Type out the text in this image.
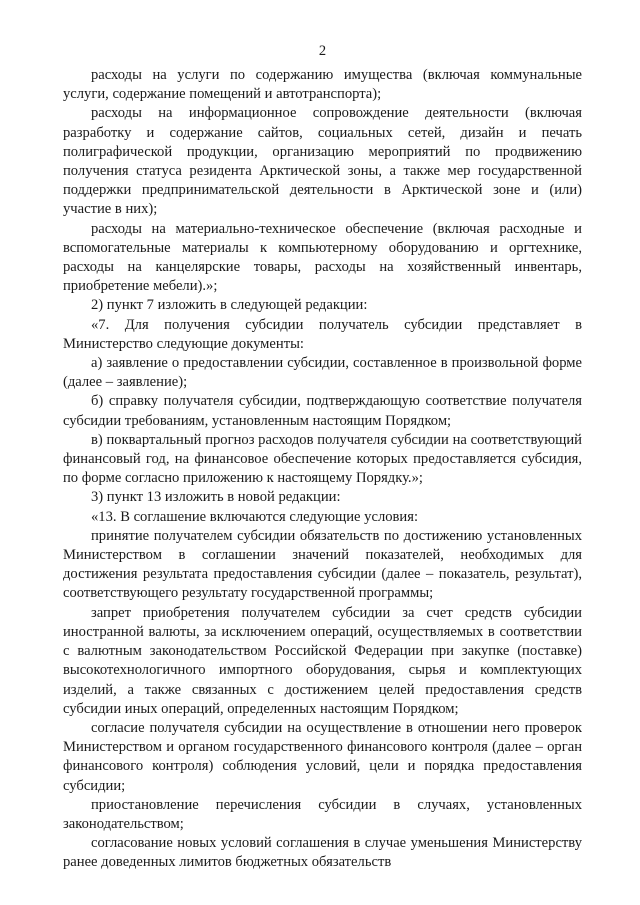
2

расходы на услуги по содержанию имущества (включая коммунальные услуги, содержание помещений и автотранспорта);

расходы на информационное сопровождение деятельности (включая разработку и содержание сайтов, социальных сетей, дизайн и печать полиграфической продукции, организацию мероприятий по продвижению получения статуса резидента Арктической зоны, а также мер государственной поддержки предпринимательской деятельности в Арктической зоне и (или) участие в них);

расходы на материально-техническое обеспечение (включая расходные и вспомогательные материалы к компьютерному оборудованию и оргтехнике, расходы на канцелярские товары, расходы на хозяйственный инвентарь, приобретение мебели).»;

2) пункт 7 изложить в следующей редакции:

«7. Для получения субсидии получатель субсидии представляет в Министерство следующие документы:

а) заявление о предоставлении субсидии, составленное в произвольной форме (далее – заявление);

б) справку получателя субсидии, подтверждающую соответствие получателя субсидии требованиям, установленным настоящим Порядком;

в) поквартальный прогноз расходов получателя субсидии на соответствующий финансовый год, на финансовое обеспечение которых предоставляется субсидия, по форме согласно приложению к настоящему Порядку.»;

3) пункт 13 изложить в новой редакции:

«13. В соглашение включаются следующие условия:

принятие получателем субсидии обязательств по достижению установленных Министерством в соглашении значений показателей, необходимых для достижения результата предоставления субсидии (далее – показатель, результат), соответствующего результату государственной программы;

запрет приобретения получателем субсидии за счет средств субсидии иностранной валюты, за исключением операций, осуществляемых в соответствии с валютным законодательством Российской Федерации при закупке (поставке) высокотехнологичного импортного оборудования, сырья и комплектующих изделий, а также связанных с достижением целей предоставления средств субсидии иных операций, определенных настоящим Порядком;

согласие получателя субсидии на осуществление в отношении него проверок Министерством и органом государственного финансового контроля (далее – орган финансового контроля) соблюдения условий, цели и порядка предоставления субсидии;

приостановление перечисления субсидии в случаях, установленных законодательством;

согласование новых условий соглашения в случае уменьшения Министерству ранее доведенных лимитов бюджетных обязательств
